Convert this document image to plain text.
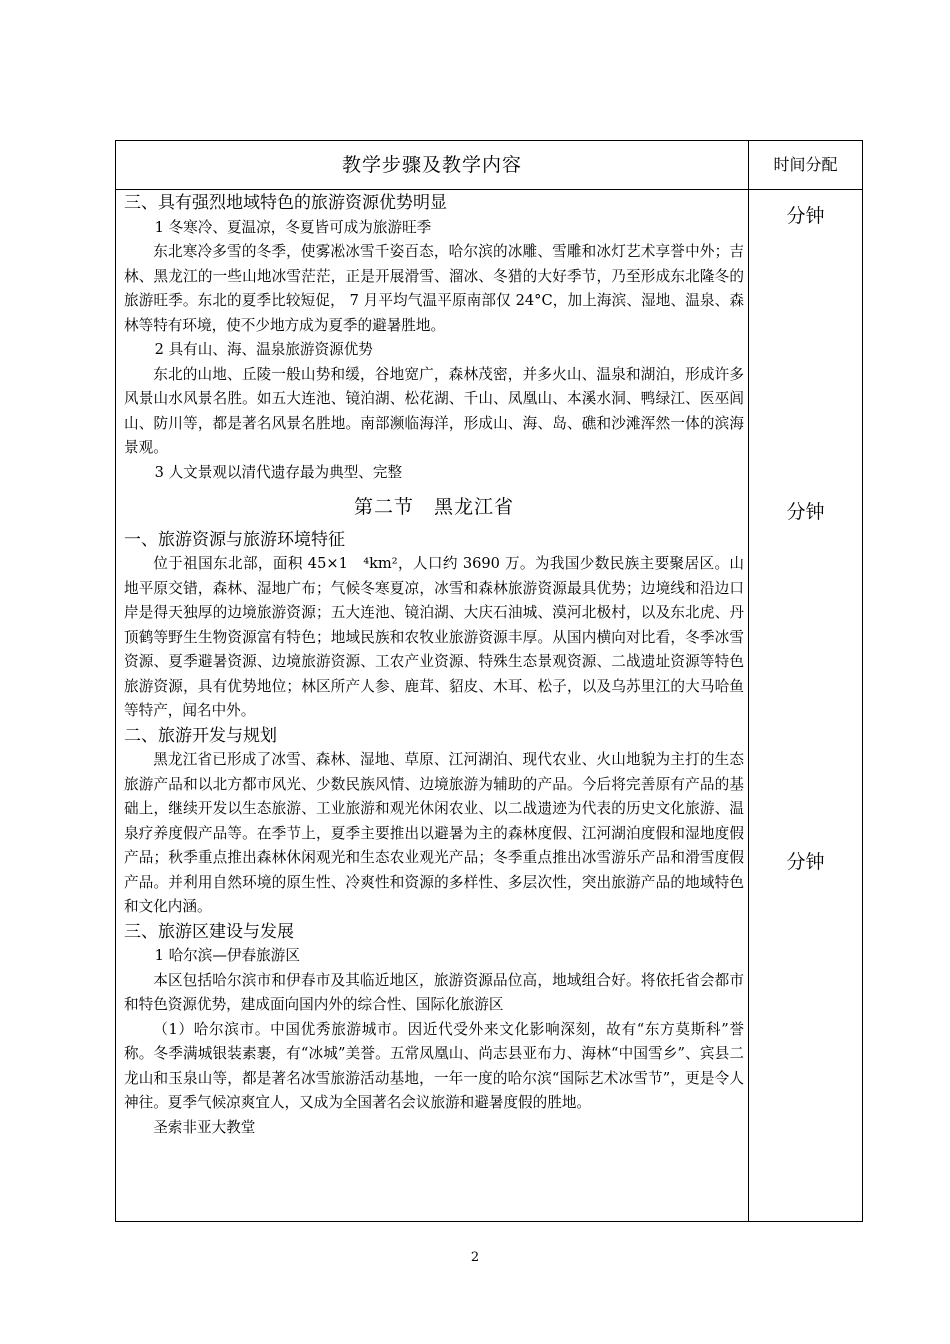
教学步骤及教学内容	时间分配

三、具有强烈地域特色的旅游资源优势明显

1 冬寒冷、夏温凉，冬夏皆可成为旅游旺季

东北寒冷多雪的冬季，使雾凇冰雪千姿百态，哈尔滨的冰雕、雪雕和冰灯艺术享誉中外；吉林、黑龙江的一些山地冰雪茫茫，正是开展滑雪、溜冰、冬猎的大好季节，乃至形成东北隆冬的旅游旺季。东北的夏季比较短促， 7 月平均气温平原南部仅 24°C，加上海滨、湿地、温泉、森林等特有环境，使不少地方成为夏季的避暑胜地。

2 具有山、海、温泉旅游资源优势

东北的山地、丘陵一般山势和缓，谷地宽广，森林茂密，并多火山、温泉和湖泊，形成许多风景山水风景名胜。如五大连池、镜泊湖、松花湖、千山、凤凰山、本溪水洞、鸭绿江、医巫闾山、防川等，都是著名风景名胜地。南部濒临海洋，形成山、海、岛、礁和沙滩浑然一体的滨海景观。

3 人文景观以清代遗存最为典型、完整

第二节　黑龙江省

一、旅游资源与旅游环境特征

位于祖国东北部，面积 45×1　⁴km²，人口约 3690 万。为我国少数民族主要聚居区。山地平原交错，森林、湿地广布；气候冬寒夏凉，冰雪和森林旅游资源最具优势；边境线和沿边口岸是得天独厚的边境旅游资源；五大连池、镜泊湖、大庆石油城、漠河北极村，以及东北虎、丹顶鹤等野生生物资源富有特色；地域民族和农牧业旅游资源丰厚。从国内横向对比看，冬季冰雪资源、夏季避暑资源、边境旅游资源、工农产业资源、特殊生态景观资源、二战遗址资源等特色旅游资源，具有优势地位；林区所产人参、鹿茸、貂皮、木耳、松子，以及乌苏里江的大马哈鱼等特产，闻名中外。

二、旅游开发与规划

黑龙江省已形成了冰雪、森林、湿地、草原、江河湖泊、现代农业、火山地貌为主打的生态旅游产品和以北方都市风光、少数民族风情、边境旅游为辅助的产品。今后将完善原有产品的基础上，继续开发以生态旅游、工业旅游和观光休闲农业、以二战遗迹为代表的历史文化旅游、温泉疗养度假产品等。在季节上，夏季主要推出以避暑为主的森林度假、江河湖泊度假和湿地度假产品；秋季重点推出森林休闲观光和生态农业观光产品；冬季重点推出冰雪游乐产品和滑雪度假产品。并利用自然环境的原生性、冷爽性和资源的多样性、多层次性，突出旅游产品的地域特色和文化内涵。

三、旅游区建设与发展

1 哈尔滨—伊春旅游区

本区包括哈尔滨市和伊春市及其临近地区，旅游资源品位高，地域组合好。将依托省会都市和特色资源优势，建成面向国内外的综合性、国际化旅游区

（1）哈尔滨市。中国优秀旅游城市。因近代受外来文化影响深刻，故有“东方莫斯科”誉称。冬季满城银装素裹，有“冰城”美誉。五常凤凰山、尚志县亚布力、海林“中国雪乡”、宾县二龙山和玉泉山等，都是著名冰雪旅游活动基地，一年一度的哈尔滨“国际艺术冰雪节”，更是令人神往。夏季气候凉爽宜人，又成为全国著名会议旅游和避暑度假的胜地。

圣索非亚大教堂

分钟
分钟
分钟
2
